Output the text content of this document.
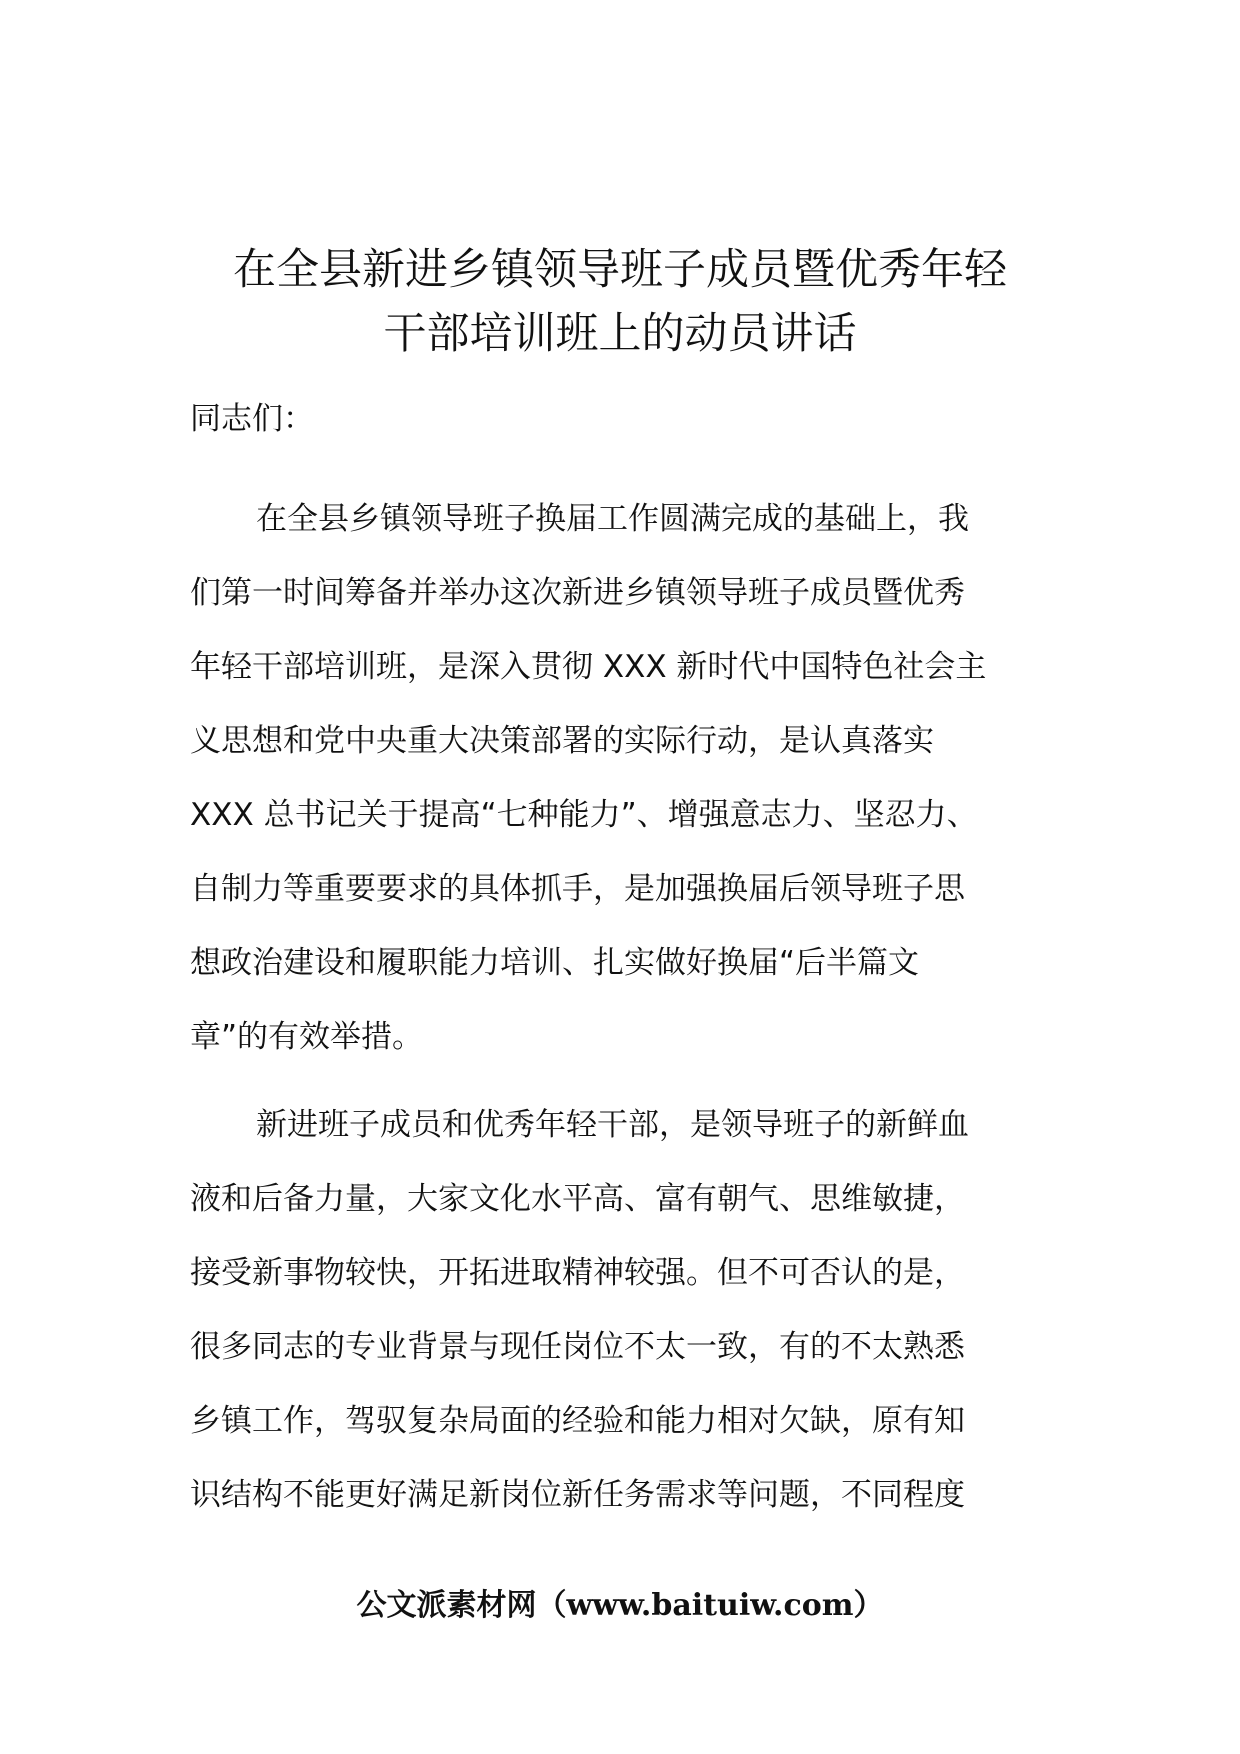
在全县新进乡镇领导班子成员暨优秀年轻
干部培训班上的动员讲话

同志们：

在全县乡镇领导班子换届工作圆满完成的基础上，我
们第一时间筹备并举办这次新进乡镇领导班子成员暨优秀
年轻干部培训班，是深入贯彻 XXX 新时代中国特色社会主
义思想和党中央重大决策部署的实际行动，是认真落实
XXX 总书记关于提高“七种能力”、增强意志力、坚忍力、
自制力等重要要求的具体抓手，是加强换届后领导班子思
想政治建设和履职能力培训、扎实做好换届“后半篇文
章”的有效举措。
新进班子成员和优秀年轻干部，是领导班子的新鲜血
液和后备力量，大家文化水平高、富有朝气、思维敏捷，
接受新事物较快，开拓进取精神较强。但不可否认的是，
很多同志的专业背景与现任岗位不太一致，有的不太熟悉
乡镇工作，驾驭复杂局面的经验和能力相对欠缺，原有知
识结构不能更好满足新岗位新任务需求等问题，不同程度

公文派素材网（www.baituiw.com）
